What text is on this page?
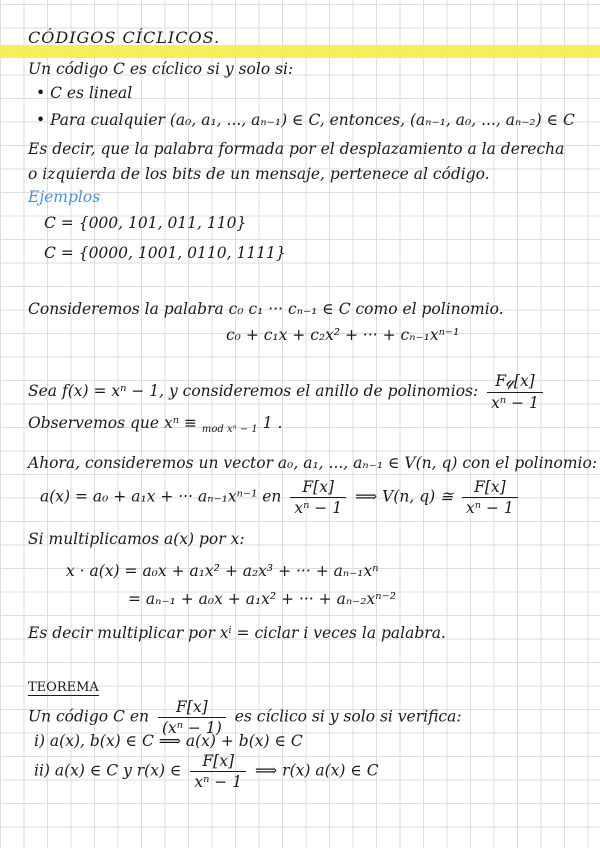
CÓDIGOS CÍCLICOS.
Un código C es cíclico si y solo si:
• C es lineal
• Para cualquier (a₀, a₁, ..., aₙ₋₁) ∈ C, entonces, (aₙ₋₁, a₀, ..., aₙ₋₂) ∈ C
Es decir, que la palabra formada por el desplazamiento a la derecha
o izquierda de los bits de un mensaje, pertenece al código.
Ejemplos
C = {000, 101, 011, 110}
C = {0000, 1001, 0110, 1111}
Consideremos la palabra c₀ c₁ ··· cₙ₋₁ ∈ C como el polinomio.
c₀ + c₁x + c₂x² + ··· + cₙ₋₁xⁿ⁻¹
Sea f(x) = xⁿ − 1, y consideremos el anillo de polinomios: $\frac{\text{F𝓆[x]}}{\text{xⁿ − 1}}$
Observemos que xⁿ ≡ $_{mod x^n - 1}$ 1 .
Ahora, consideremos un vector a₀, a₁, ..., aₙ₋₁ ∈ V(n, q) con el polinomio:
a(x) = a₀ + a₁x + ··· aₙ₋₁xⁿ⁻¹ en $\frac{F[x]}{\text{xⁿ − 1}}$ ⟹ V(n, q) ≅ $\frac{F[x]}{\text{xⁿ − 1}}$
Si multiplicamos a(x) por x:
x · a(x) = a₀x + a₁x² + a₂x³ + ··· + aₙ₋₁xⁿ
= aₙ₋₁ + a₀x + a₁x² + ··· + aₙ₋₂xⁿ⁻²
Es decir multiplicar por xⁱ = ciclar i veces la palabra.
TEOREMA
Un código C en $\frac{F[x]}{\text{(xⁿ − 1)}}$ es cíclico si y solo si verifica:
i) a(x), b(x) ∈ C ⟹ a(x) + b(x) ∈ C
ii) a(x) ∈ C y r(x) ∈ $\frac{F[x]}{\text{xⁿ − 1}}$ ⟹ r(x) a(x) ∈ C
